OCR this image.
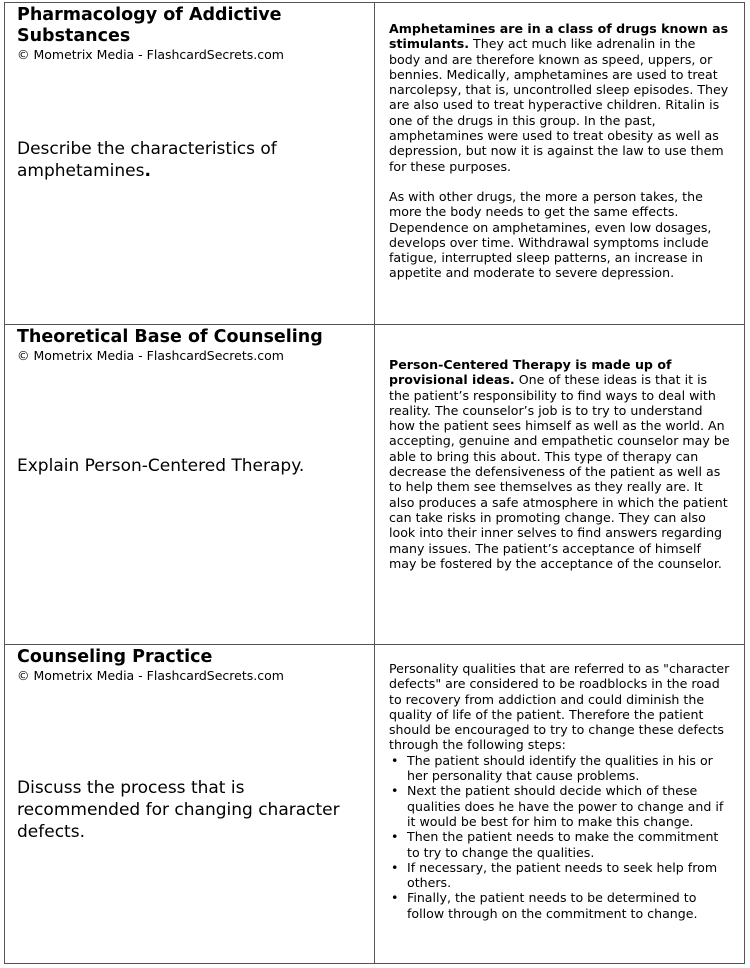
Pharmacology of Addictive Substances

© Mometrix Media - FlashcardSecrets.com

Describe the characteristics of amphetamines.

Amphetamines are in a class of drugs known as stimulants. They act much like adrenalin in the body and are therefore known as speed, uppers, or bennies. Medically, amphetamines are used to treat narcolepsy, that is, uncontrolled sleep episodes. They are also used to treat hyperactive children. Ritalin is one of the drugs in this group. In the past, amphetamines were used to treat obesity as well as depression, but now it is against the law to use them for these purposes.

As with other drugs, the more a person takes, the more the body needs to get the same effects. Dependence on amphetamines, even low dosages, develops over time. Withdrawal symptoms include fatigue, interrupted sleep patterns, an increase in appetite and moderate to severe depression.

Theoretical Base of Counseling

© Mometrix Media - FlashcardSecrets.com

Explain Person-Centered Therapy.

Person-Centered Therapy is made up of provisional ideas. One of these ideas is that it is the patient’s responsibility to find ways to deal with reality. The counselor’s job is to try to understand how the patient sees himself as well as the world. An accepting, genuine and empathetic counselor may be able to bring this about. This type of therapy can decrease the defensiveness of the patient as well as to help them see themselves as they really are. It also produces a safe atmosphere in which the patient can take risks in promoting change. They can also look into their inner selves to find answers regarding many issues. The patient’s acceptance of himself may be fostered by the acceptance of the counselor.

Counseling Practice

© Mometrix Media - FlashcardSecrets.com

Discuss the process that is recommended for changing character defects.

Personality qualities that are referred to as "character defects" are considered to be roadblocks in the road to recovery from addiction and could diminish the quality of life of the patient. Therefore the patient should be encouraged to try to change these defects through the following steps:

• The patient should identify the qualities in his or her personality that cause problems.
• Next the patient should decide which of these qualities does he have the power to change and if it would be best for him to make this change.
• Then the patient needs to make the commitment to try to change the qualities.
• If necessary, the patient needs to seek help from others.
• Finally, the patient needs to be determined to follow through on the commitment to change.
